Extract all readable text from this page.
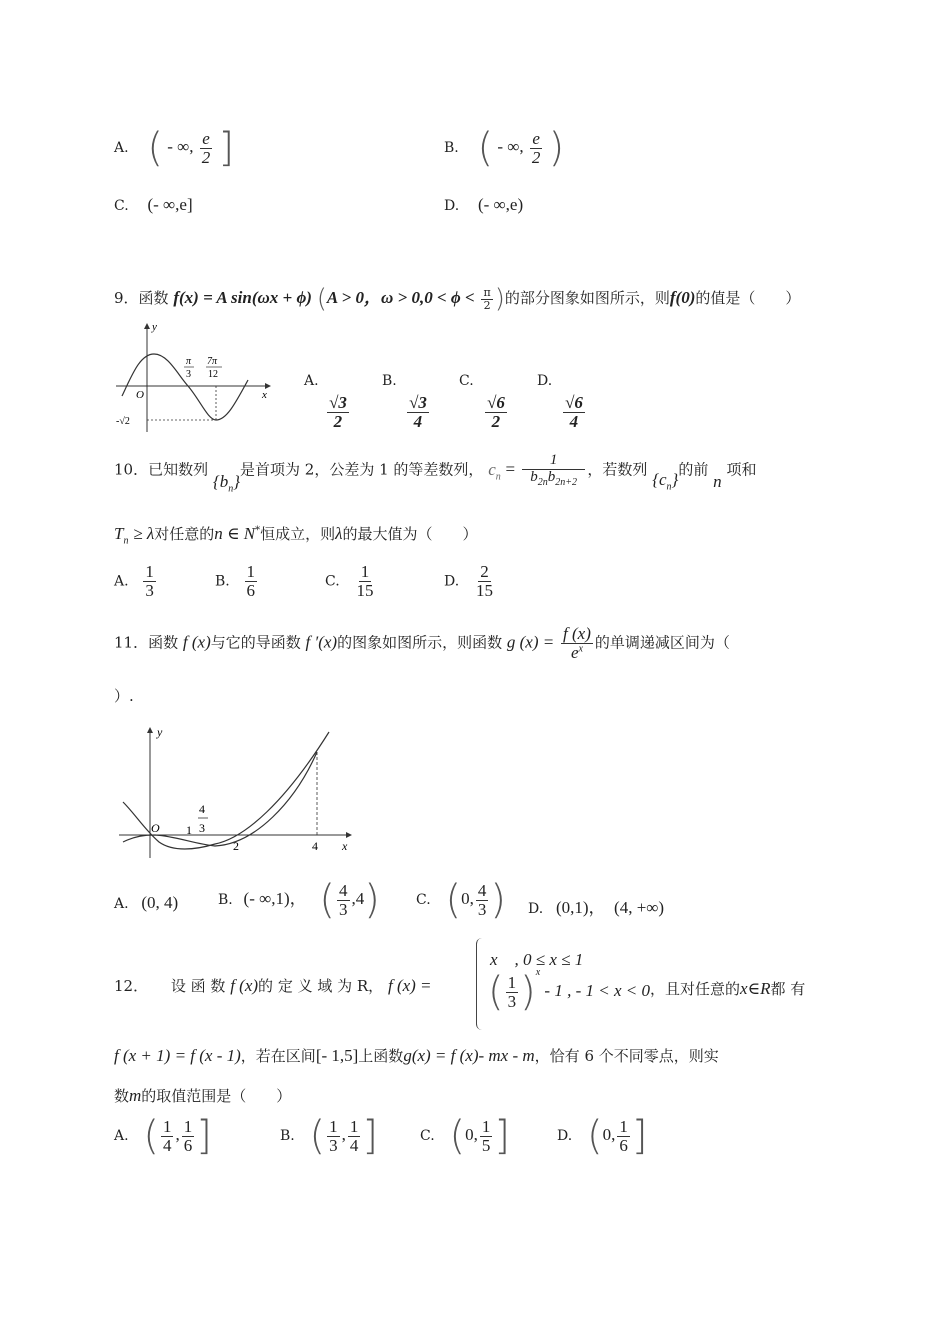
A. ( - ∞, $\frac{e}{2}$ ]	B. ( - ∞, $\frac{e}{2}$ )
C. (- ∞,e]	D. (- ∞,e)
9．函数 f(x) = A sin(ωx + ϕ) (A > 0，$\omega > 0,0 < \phi < \frac{\pi}{2}$ )的部分图象如图所示，则f(0)的值是（　　）
y
x
O
π
3
7π
12
-√2
A.	B.	C.	D.
$\frac{√3}{2}$	$\frac{√3}{4}$	$\frac{√6}{2}$	$\frac{√6}{4}$
10．已知数列 $\{b_n\}$是首项为 2，公差为 1 的等差数列， $c_n = \frac{1}{b_{2n}b_{2n+2}}$ ，若数列 $\{c_n\}$的前 n 项和
$T_n \ge \lambda$对任意的n ∈ N*恒成立，则λ的最大值为（　　）
A. $\frac{1}{3}$	B. $\frac{1}{6}$	C. $\frac{1}{15}$	D. $\frac{2}{15}$
11．函数 f (x)与它的导函数 f ′(x)的图象如图所示，则函数 g $(x) = \frac{f (x)}{e^x}$ 的单调递减区间为（
）.
y
x
O 1
4
3
2	4
A. (0, 4)	B. (- ∞,1)， ( $\frac{4}{3} ,4$)	C. (0, $\frac{4}{3}$ ) D. (0,1)，　(4, +∞)
12． 设 函 数 f (x)的 定 义 域 为 R， f (x) =
x　, 0 ≤ x ≤ 1
( $\frac{1}{3} )^x - 1$ , - 1 < x < 0 ，且对任意的x∈R都 有
f (x + 1) = f (x - 1)，若在区间[- 1,5]上函数g(x) = f (x)- mx - m，恰有 6 个不同零点，则实
数m的取值范围是（　　）
A. ( $\frac{1}{4}$ , $\frac{1}{6}$ ]	B. ( $\frac{1}{3}$ , $\frac{1}{4}$ ]	C. (0, $\frac{1}{5}$ ]	D. (0, $\frac{1}{6}$ ]
